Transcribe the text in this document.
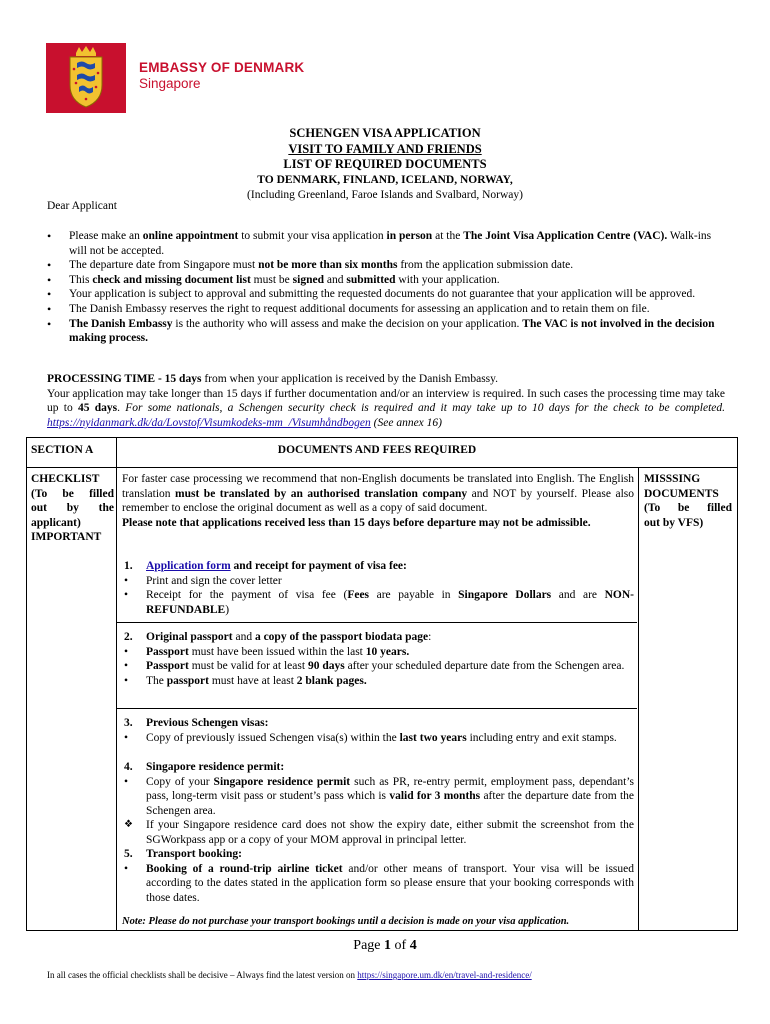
EMBASSY OF DENMARK
Singapore
SCHENGEN VISA APPLICATION
VISIT TO FAMILY AND FRIENDS
LIST OF REQUIRED DOCUMENTS
TO DENMARK, FINLAND, ICELAND, NORWAY,
(Including Greenland, Faroe Islands and Svalbard, Norway)
Dear Applicant
• Please make an online appointment to submit your visa application in person at the The Joint Visa Application Centre (VAC). Walk-ins will not be accepted.
• The departure date from Singapore must not be more than six months from the application submission date.
• This check and missing document list must be signed and submitted with your application.
• Your application is subject to approval and submitting the requested documents do not guarantee that your application will be approved.
• The Danish Embassy reserves the right to request additional documents for assessing an application and to retain them on file.
• The Danish Embassy is the authority who will assess and make the decision on your application. The VAC is not involved in the decision making process.
PROCESSING TIME - 15 days from when your application is received by the Danish Embassy.
Your application may take longer than 15 days if further documentation and/or an interview is required. In such cases the processing time may take up to 45 days. For some nationals, a Schengen security check is required and it may take up to 10 days for the check to be completed. https://nyidanmark.dk/da/Lovstof/Visumkodeks-mm_/Visumhåndbogen (See annex 16)
SECTION A	DOCUMENTS AND FEES REQUIRED
CHECKLIST
(To be filled
out by the
applicant)
IMPORTANT
MISSSING
DOCUMENTS
(To be filled
out by VFS)
For faster case processing we recommend that non-English documents be translated into English. The English translation must be translated by an authorised translation company and NOT by yourself. Please also remember to enclose the original document as well as a copy of said document.
Please note that applications received less than 15 days before departure may not be admissible.
1. Application form and receipt for payment of visa fee:
• Print and sign the cover letter
• Receipt for the payment of visa fee (Fees are payable in Singapore Dollars and are NON-REFUNDABLE)
2. Original passport and a copy of the passport biodata page:
• Passport must have been issued within the last 10 years.
• Passport must be valid for at least 90 days after your scheduled departure date from the Schengen area.
• The passport must have at least 2 blank pages.
3. Previous Schengen visas:
• Copy of previously issued Schengen visa(s) within the last two years including entry and exit stamps.
4. Singapore residence permit:
• Copy of your Singapore residence permit such as PR, re-entry permit, employment pass, dependant’s pass, long-term visit pass or student’s pass which is valid for 3 months after the departure date from the Schengen area.
❖ If your Singapore residence card does not show the expiry date, either submit the screenshot from the SGWorkpass app or a copy of your MOM approval in principal letter.
5. Transport booking:
• Booking of a round-trip airline ticket and/or other means of transport. Your visa will be issued according to the dates stated in the application form so please ensure that your booking corresponds with those dates.
Note: Please do not purchase your transport bookings until a decision is made on your visa application.
Page 1 of 4
In all cases the official checklists shall be decisive – Always find the latest version on https://singapore.um.dk/en/travel-and-residence/
